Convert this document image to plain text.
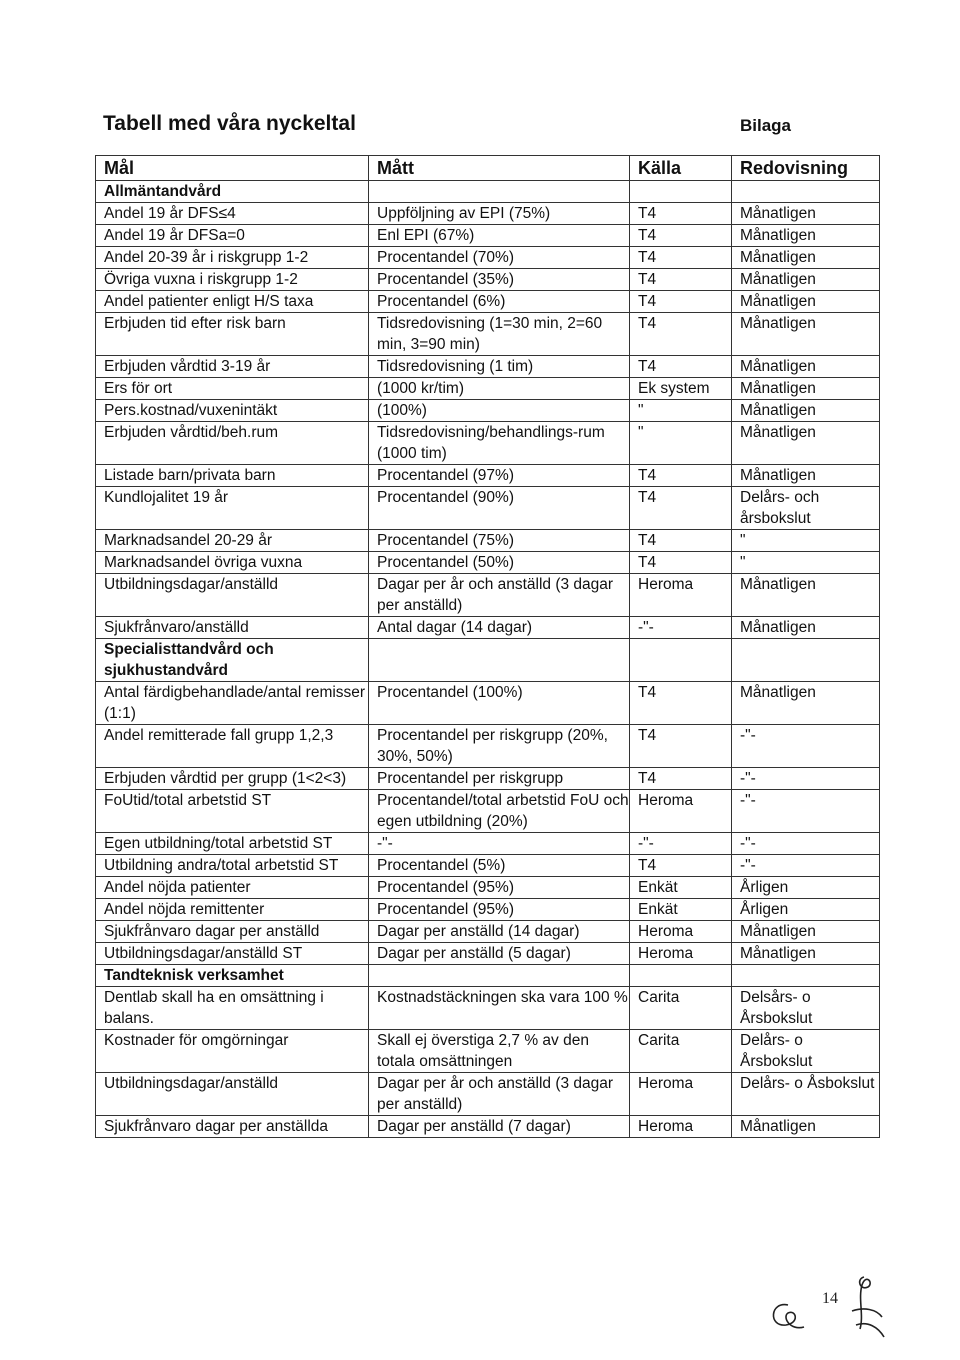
Tabell med våra nyckeltal	Bilaga
Mål	Mått	Källa	Redovisning
Allmäntandvård			
Andel 19 år DFS≤4	Uppföljning av EPI (75%)	T4	Månatligen
Andel 19 år DFSa=0	Enl EPI (67%)	T4	Månatligen
Andel 20-39 år i riskgrupp 1-2	Procentandel (70%)	T4	Månatligen
Övriga vuxna i riskgrupp 1-2	Procentandel (35%)	T4	Månatligen
Andel patienter enligt H/S taxa	Procentandel (6%)	T4	Månatligen
Erbjuden tid efter risk barn	Tidsredovisning (1=30 min, 2=60 min, 3=90 min)	T4	Månatligen
Erbjuden vårdtid 3-19 år	Tidsredovisning (1 tim)	T4	Månatligen
Ers för ort	(1000 kr/tim)	Ek system	Månatligen
Pers.kostnad/vuxenintäkt	(100%)	"	Månatligen
Erbjuden vårdtid/beh.rum	Tidsredovisning/behandlings-rum (1000 tim)	"	Månatligen
Listade barn/privata barn	Procentandel (97%)	T4	Månatligen
Kundlojalitet 19 år	Procentandel (90%)	T4	Delårs- och årsbokslut
Marknadsandel 20-29 år	Procentandel (75%)	T4	"
Marknadsandel övriga vuxna	Procentandel (50%)	T4	"
Utbildningsdagar/anställd	Dagar per år och anställd (3 dagar per anställd)	Heroma	Månatligen
Sjukfrånvaro/anställd	Antal dagar (14 dagar)	-"-	Månatligen
Specialisttandvård och sjukhustandvård			
Antal färdigbehandlade/antal remisser (1:1)	Procentandel (100%)	T4	Månatligen
Andel remitterade fall grupp 1,2,3	Procentandel per riskgrupp (20%, 30%, 50%)	T4	-"-
Erbjuden vårdtid per grupp (1<2<3)	Procentandel per riskgrupp	T4	-"-
FoUtid/total arbetstid ST	Procentandel/total arbetstid FoU och egen utbildning (20%)	Heroma	-"-
Egen utbildning/total arbetstid ST	-"-	-"-	-"-
Utbildning andra/total arbetstid ST	Procentandel (5%)	T4	-"-
Andel nöjda patienter	Procentandel (95%)	Enkät	Årligen
Andel nöjda remittenter	Procentandel (95%)	Enkät	Årligen
Sjukfrånvaro dagar per anställd	Dagar per anställd (14 dagar)	Heroma	Månatligen
Utbildningsdagar/anställd ST	Dagar per anställd (5 dagar)	Heroma	Månatligen
Tandteknisk verksamhet			
Dentlab skall ha en omsättning i balans.	Kostnadstäckningen ska vara 100 %	Carita	Delsårs- o Årsbokslut
Kostnader för omgörningar	Skall ej överstiga 2,7 % av den totala omsättningen	Carita	Delårs- o Årsbokslut
Utbildningsdagar/anställd	Dagar per år och anställd (3 dagar per anställd)	Heroma	Delårs- o Åsbokslut
Sjukfrånvaro dagar per anställda	Dagar per anställd (7 dagar)	Heroma	Månatligen
14
